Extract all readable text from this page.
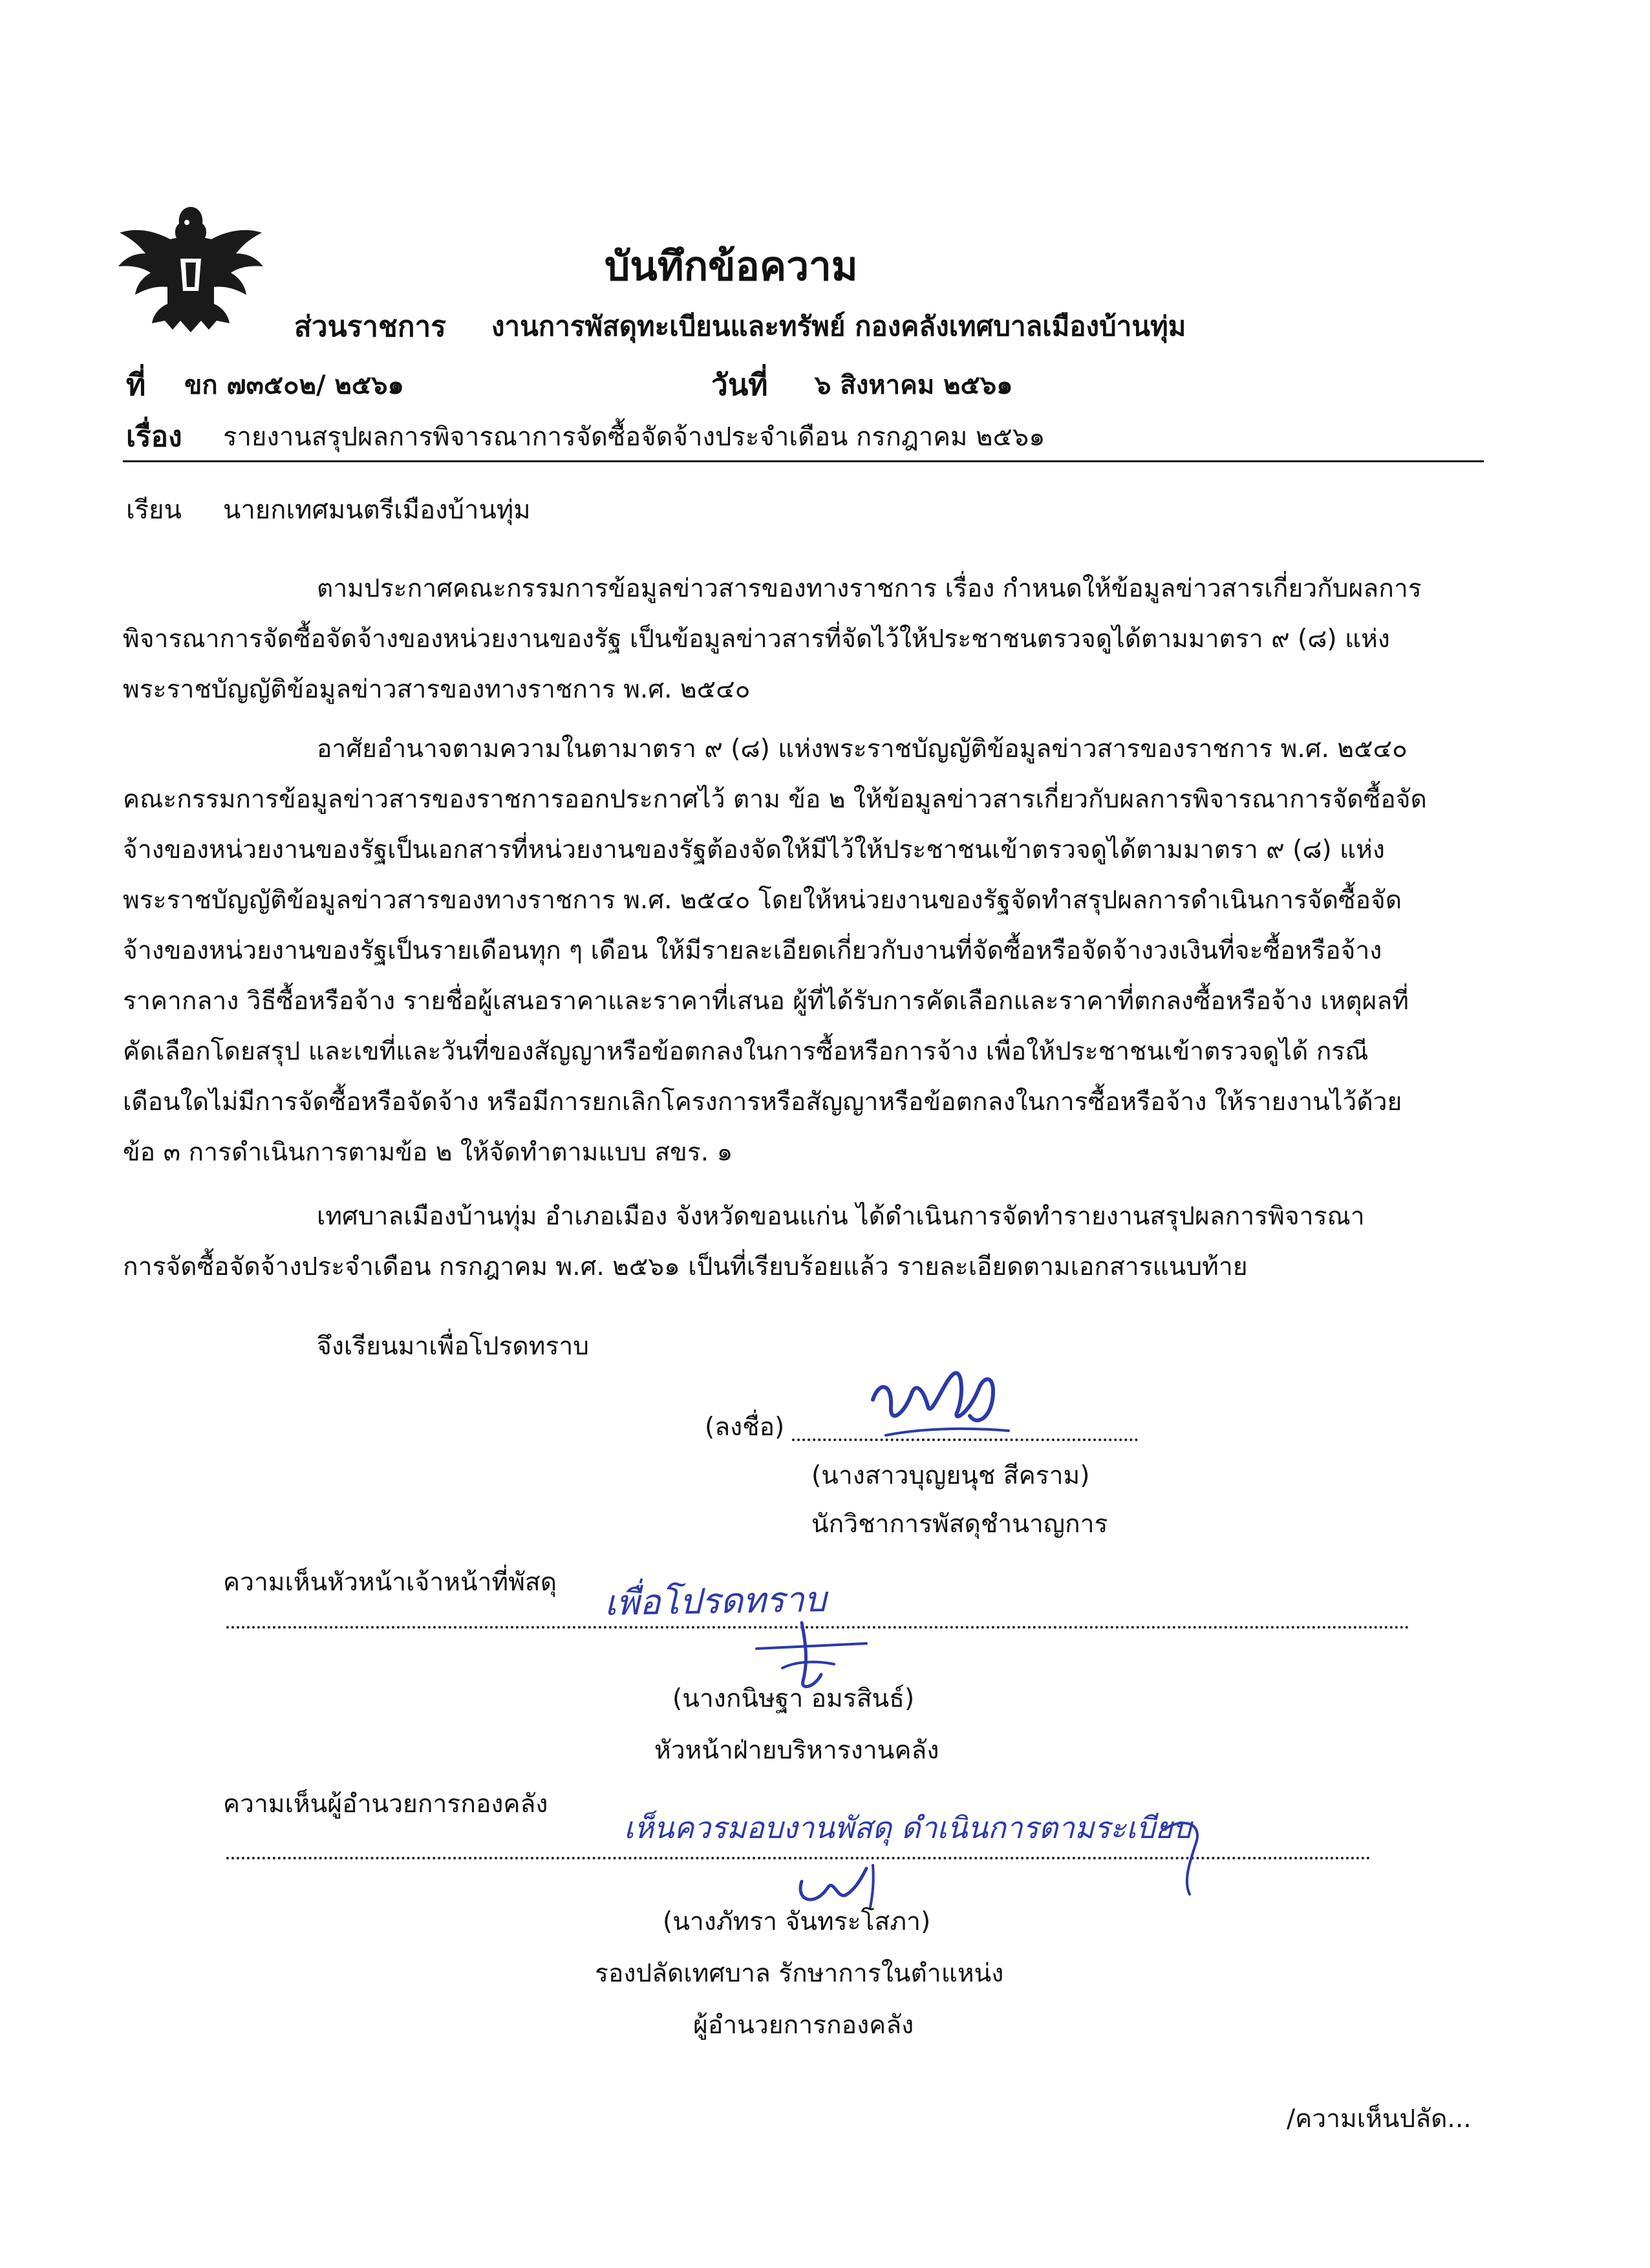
บันทึกข้อความ
ส่วนราชการ งานการพัสดุทะเบียนและทรัพย์ กองคลังเทศบาลเมืองบ้านทุ่ม
ที่ ขก ๗๓๕๐๒/ ๒๕๖๑	วันที่ ๖ สิงหาคม ๒๕๖๑
เรื่อง รายงานสรุปผลการพิจารณาการจัดซื้อจัดจ้างประจำเดือน กรกฎาคม ๒๕๖๑
เรียน นายกเทศมนตรีเมืองบ้านทุ่ม
ตามประกาศคณะกรรมการข้อมูลข่าวสารของทางราชการ เรื่อง กำหนดให้ข้อมูลข่าวสารเกี่ยวกับผลการ
พิจารณาการจัดซื้อจัดจ้างของหน่วยงานของรัฐ เป็นข้อมูลข่าวสารที่จัดไว้ให้ประชาชนตรวจดูได้ตามมาตรา ๙ (๘) แห่ง
พระราชบัญญัติข้อมูลข่าวสารของทางราชการ พ.ศ. ๒๕๔๐
อาศัยอำนาจตามความในตามาตรา ๙ (๘) แห่งพระราชบัญญัติข้อมูลข่าวสารของราชการ พ.ศ. ๒๕๔๐
คณะกรรมการข้อมูลข่าวสารของราชการออกประกาศไว้ ตาม ข้อ ๒ ให้ข้อมูลข่าวสารเกี่ยวกับผลการพิจารณาการจัดซื้อจัด
จ้างของหน่วยงานของรัฐเป็นเอกสารที่หน่วยงานของรัฐต้องจัดให้มีไว้ให้ประชาชนเข้าตรวจดูได้ตามมาตรา ๙ (๘) แห่ง
พระราชบัญญัติข้อมูลข่าวสารของทางราชการ พ.ศ. ๒๕๔๐ โดยให้หน่วยงานของรัฐจัดทำสรุปผลการดำเนินการจัดซื้อจัด
จ้างของหน่วยงานของรัฐเป็นรายเดือนทุก ๆ เดือน ให้มีรายละเอียดเกี่ยวกับงานที่จัดซื้อหรือจัดจ้างวงเงินที่จะซื้อหรือจ้าง
ราคากลาง วิธีซื้อหรือจ้าง รายชื่อผู้เสนอราคาและราคาที่เสนอ ผู้ที่ได้รับการคัดเลือกและราคาที่ตกลงซื้อหรือจ้าง เหตุผลที่
คัดเลือกโดยสรุป และเขที่และวันที่ของสัญญาหรือข้อตกลงในการซื้อหรือการจ้าง เพื่อให้ประชาชนเข้าตรวจดูได้ กรณี
เดือนใดไม่มีการจัดซื้อหรือจัดจ้าง หรือมีการยกเลิกโครงการหรือสัญญาหรือข้อตกลงในการซื้อหรือจ้าง ให้รายงานไว้ด้วย
ข้อ ๓ การดำเนินการตามข้อ ๒ ให้จัดทำตามแบบ สขร. ๑
เทศบาลเมืองบ้านทุ่ม อำเภอเมือง จังหวัดขอนแก่น ได้ดำเนินการจัดทำรายงานสรุปผลการพิจารณา
การจัดซื้อจัดจ้างประจำเดือน กรกฎาคม พ.ศ. ๒๕๖๑ เป็นที่เรียบร้อยแล้ว รายละเอียดตามเอกสารแนบท้าย
จึงเรียนมาเพื่อโปรดทราบ
(ลงชื่อ)
(นางสาวบุญยนุช สีคราม)
นักวิชาการพัสดุชำนาญการ
ความเห็นหัวหน้าเจ้าหน้าที่พัสดุ เพื่อโปรดทราบ
(นางกนิษฐา อมรสินธ์)
หัวหน้าฝ่ายบริหารงานคลัง
ความเห็นผู้อำนวยการกองคลัง
เห็นควรมอบงานพัสดุ ดำเนินการตามระเบียบ
(นางภัทรา จันทระโสภา)
รองปลัดเทศบาล รักษาการในตำแหน่ง
ผู้อำนวยการกองคลัง
/ความเห็นปลัด...
